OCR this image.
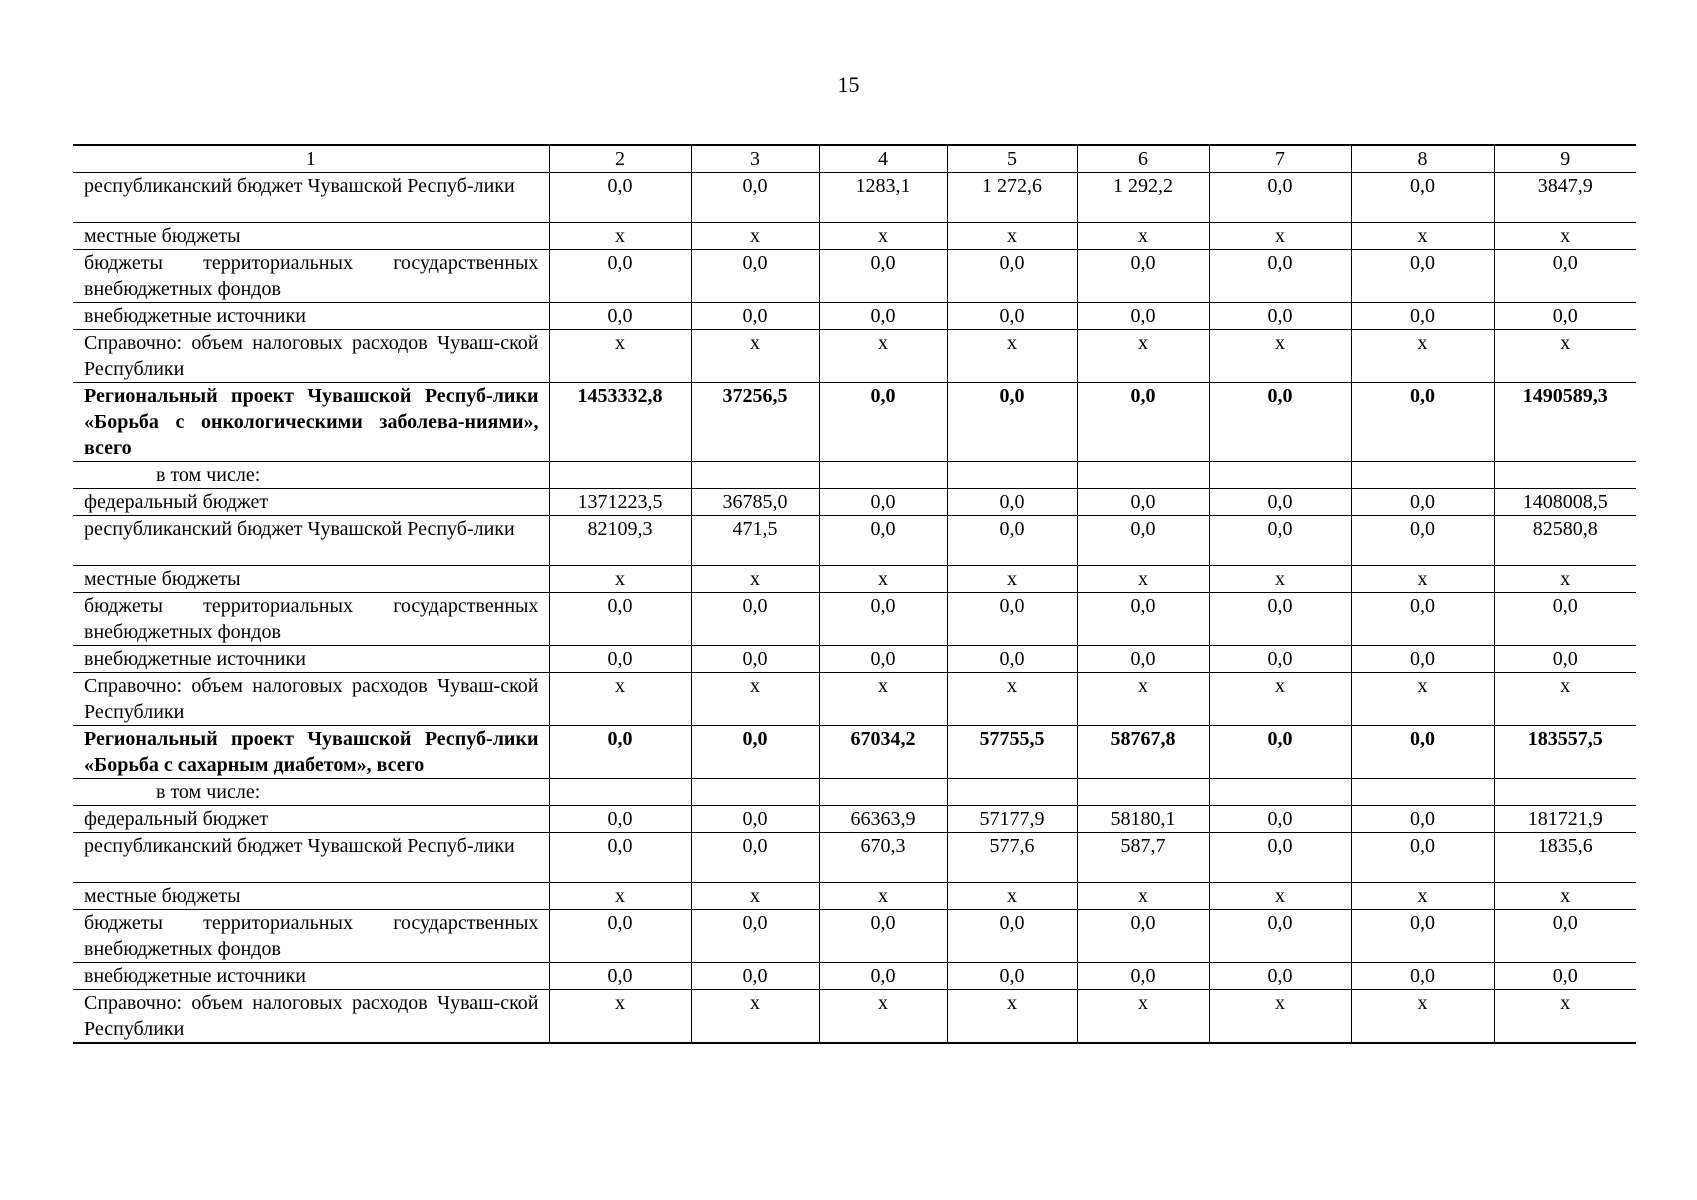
15
1	2	3	4	5	6	7	8	9
республиканский бюджет Чувашской Респуб-лики	0,0	0,0	1283,1	1 272,6	1 292,2	0,0	0,0	3847,9
местные бюджеты	х	х	х	х	х	х	х	х
бюджеты территориальных государственных внебюджетных фондов	0,0	0,0	0,0	0,0	0,0	0,0	0,0	0,0
внебюджетные источники	0,0	0,0	0,0	0,0	0,0	0,0	0,0	0,0
Справочно: объем налоговых расходов Чуваш-ской Республики	х	х	х	х	х	х	х	х
Региональный проект Чувашской Респуб-лики «Борьба с онкологическими заболева-ниями», всего	1453332,8	37256,5	0,0	0,0	0,0	0,0	0,0	1490589,3
в том числе:								
федеральный бюджет	1371223,5	36785,0	0,0	0,0	0,0	0,0	0,0	1408008,5
республиканский бюджет Чувашской Респуб-лики	82109,3	471,5	0,0	0,0	0,0	0,0	0,0	82580,8
местные бюджеты	х	х	х	х	х	х	х	х
бюджеты территориальных государственных внебюджетных фондов	0,0	0,0	0,0	0,0	0,0	0,0	0,0	0,0
внебюджетные источники	0,0	0,0	0,0	0,0	0,0	0,0	0,0	0,0
Справочно: объем налоговых расходов Чуваш-ской Республики	х	х	х	х	х	х	х	х
Региональный проект Чувашской Респуб-лики «Борьба с сахарным диабетом», всего	0,0	0,0	67034,2	57755,5	58767,8	0,0	0,0	183557,5
в том числе:								
федеральный бюджет	0,0	0,0	66363,9	57177,9	58180,1	0,0	0,0	181721,9
республиканский бюджет Чувашской Респуб-лики	0,0	0,0	670,3	577,6	587,7	0,0	0,0	1835,6
местные бюджеты	х	х	х	х	х	х	х	х
бюджеты территориальных государственных внебюджетных фондов	0,0	0,0	0,0	0,0	0,0	0,0	0,0	0,0
внебюджетные источники	0,0	0,0	0,0	0,0	0,0	0,0	0,0	0,0
Справочно: объем налоговых расходов Чуваш-ской Республики	х	х	х	х	х	х	х	х
